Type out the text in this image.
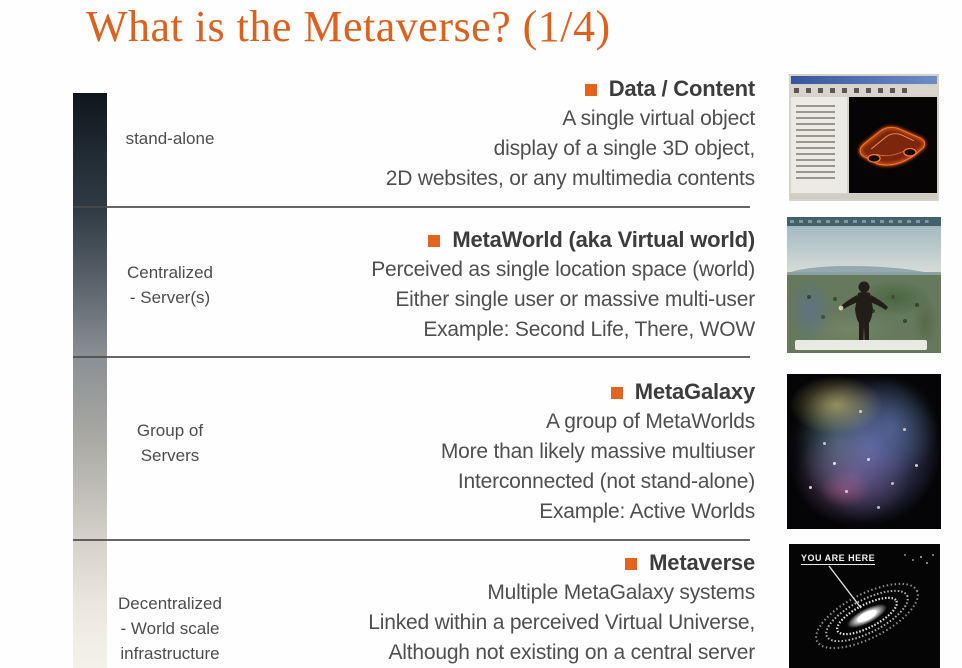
What is the Metaverse? (1/4)
stand-alone
Centralized
- Server(s)
Group of
Servers
Decentralized
- World scale
infrastructure
Data / Content
A single virtual object
display of a single 3D object,
2D websites, or any multimedia contents
MetaWorld (aka Virtual world)
Perceived as single location space (world)
Either single user or massive multi-user
Example: Second Life, There, WOW
MetaGalaxy
A group of MetaWorlds
More than likely massive multiuser
Interconnected (not stand-alone)
Example: Active Worlds
Metaverse
Multiple MetaGalaxy systems
Linked within a perceived Virtual Universe,
Although not existing on a central server
YOU ARE HERE
